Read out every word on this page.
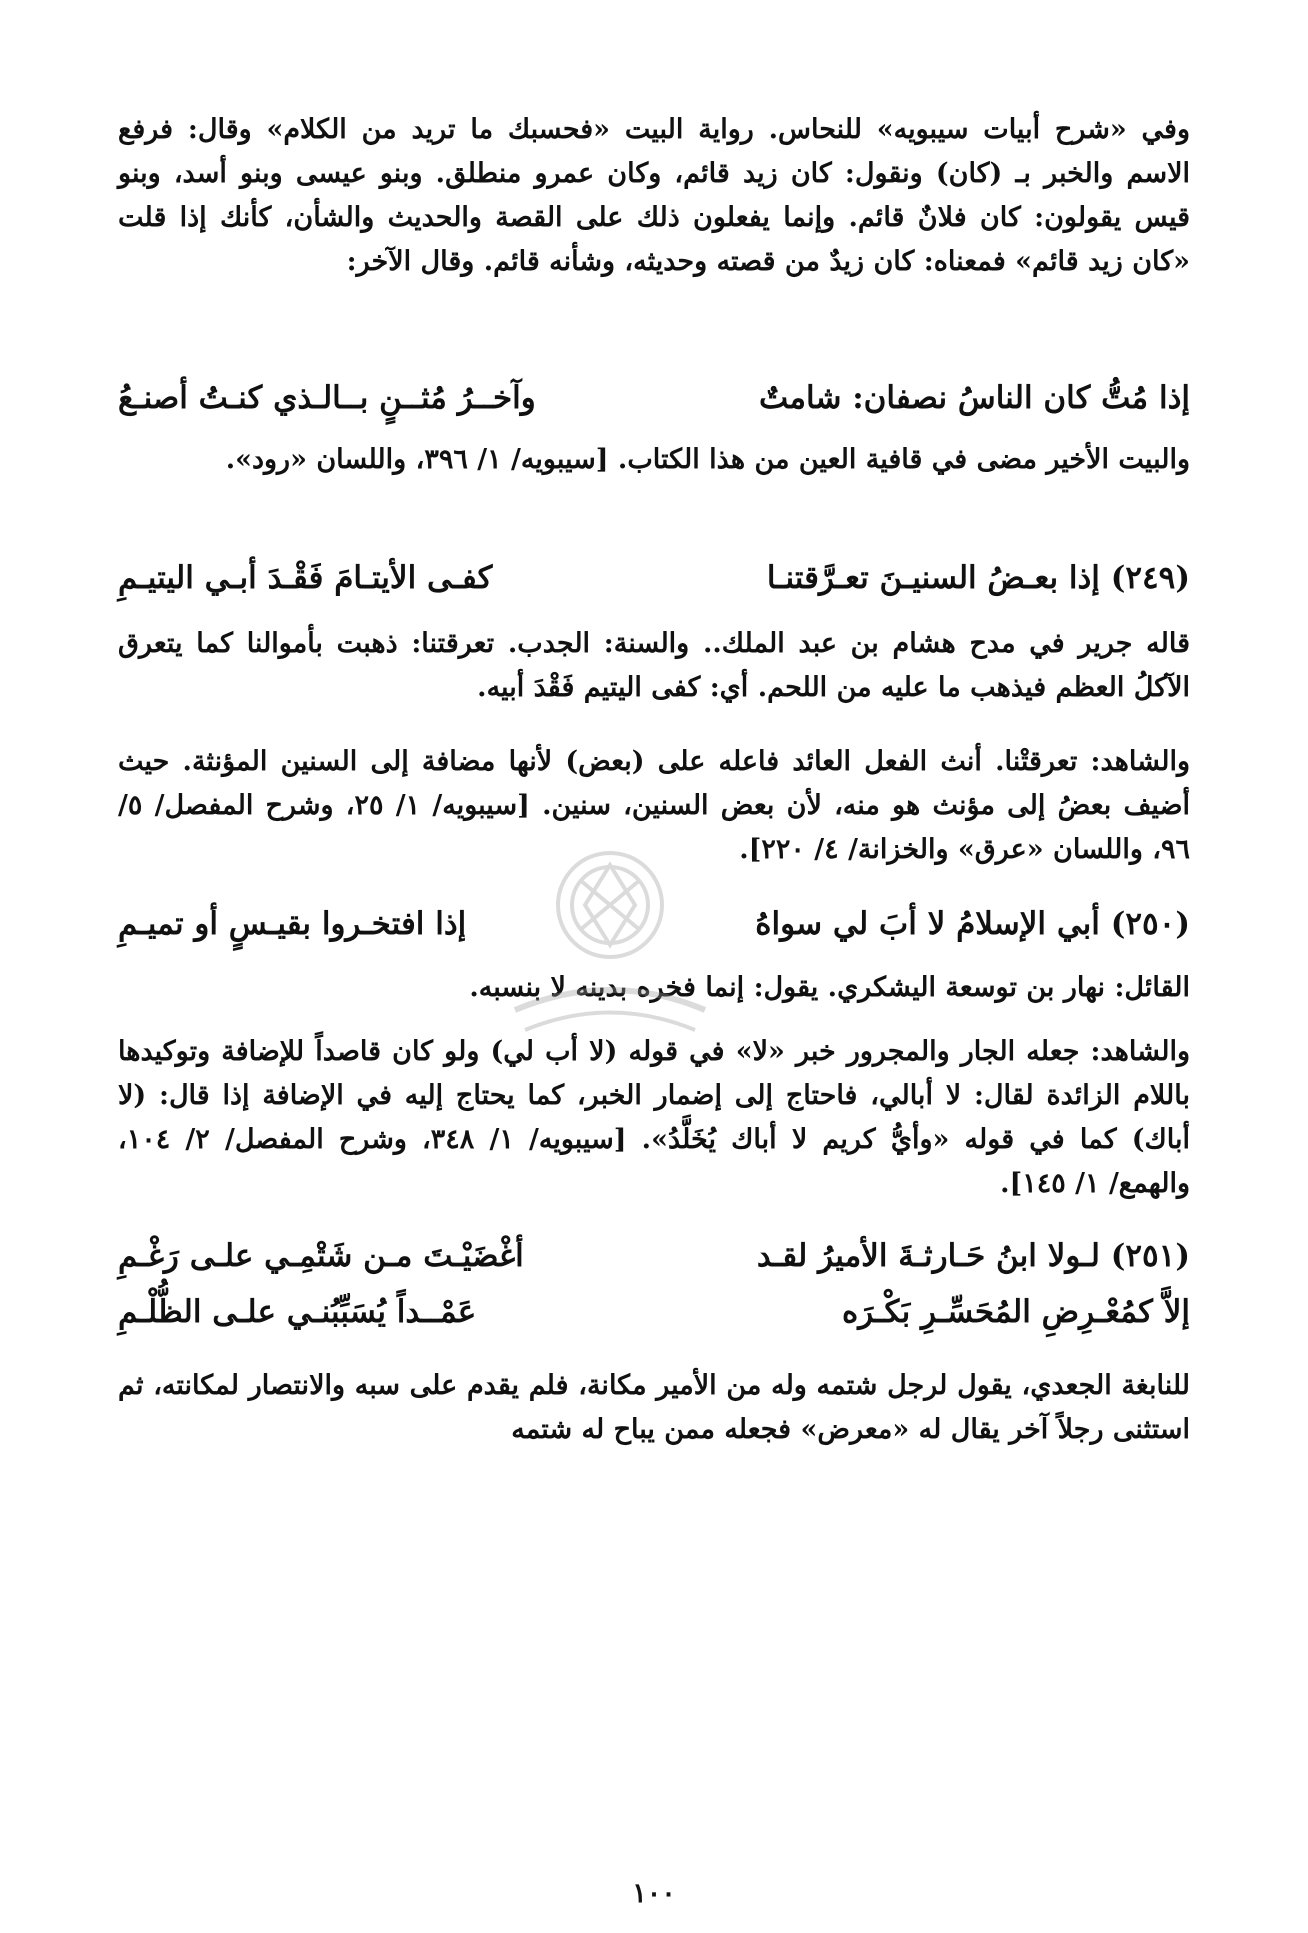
وفي «شرح أبيات سيبويه» للنحاس. رواية البيت «فحسبك ما تريد من الكلام» وقال: فرفع الاسم والخبر بـ (كان) ونقول: كان زيد قائم، وكان عمرو منطلق. وبنو عيسى وبنو أسد، وبنو قيس يقولون: كان فلانٌ قائم. وإنما يفعلون ذلك على القصة والحديث والشأن، كأنك إذا قلت «كان زيد قائم» فمعناه: كان زيدٌ من قصته وحديثه، وشأنه قائم. وقال الآخر:
إذا مُتُّ كان الناسُ نصفان: شامتٌ
وآخــرُ مُثــنٍ بــالـذي كنـتُ أصنـعُ
والبيت الأخير مضى في قافية العين من هذا الكتاب. [سيبويه/ ١/ ٣٩٦، واللسان «رود».
(٢٤٩) إذا بعـضُ السنيـنَ تعـرَّقتنـا
كفـى الأيتـامَ فَقْـدَ أبـي اليتيـمِ
قاله جرير في مدح هشام بن عبد الملك.. والسنة: الجدب. تعرقتنا: ذهبت بأموالنا كما يتعرق الآكلُ العظم فيذهب ما عليه من اللحم. أي: كفى اليتيم فَقْدَ أبيه.
والشاهد: تعرقتْنا. أنث الفعل العائد فاعله على (بعض) لأنها مضافة إلى السنين المؤنثة. حيث أضيف بعضُ إلى مؤنث هو منه، لأن بعض السنين، سنين. [سيبويه/ ١/ ٢٥، وشرح المفصل/ ٥/ ٩٦، واللسان «عرق» والخزانة/ ٤/ ٢٢٠].
(٢٥٠) أبي الإسلامُ لا أبَ لي سواهُ
إذا افتخـروا بقيـسٍ أو تميـمِ
القائل: نهار بن توسعة اليشكري. يقول: إنما فخره بدينه لا بنسبه.
والشاهد: جعله الجار والمجرور خبر «لا» في قوله (لا أب لي) ولو كان قاصداً للإضافة وتوكيدها باللام الزائدة لقال: لا أبالي، فاحتاج إلى إضمار الخبر، كما يحتاج إليه في الإضافة إذا قال: (لا أباك) كما في قوله «وأيُّ كريم لا أباك يُخَلَّدُ». [سيبويه/ ١/ ٣٤٨، وشرح المفصل/ ٢/ ١٠٤، والهمع/ ١/ ١٤٥].
(٢٥١) لـولا ابنُ حَـارثـةَ الأميرُ لقـد
أغْضَيْـتَ مـن شَتْمِـي علـى رَغْـمِ
إلاَّ كمُعْـرِضِ المُحَسِّـرِ بَكْـرَه
عَمْــداً يُسَبِّبُنـي علـى الظُّلْـمِ
للنابغة الجعدي، يقول لرجل شتمه وله من الأمير مكانة، فلم يقدم على سبه والانتصار لمكانته، ثم استثنى رجلاً آخر يقال له «معرض» فجعله ممن يباح له شتمه
١٠٠
